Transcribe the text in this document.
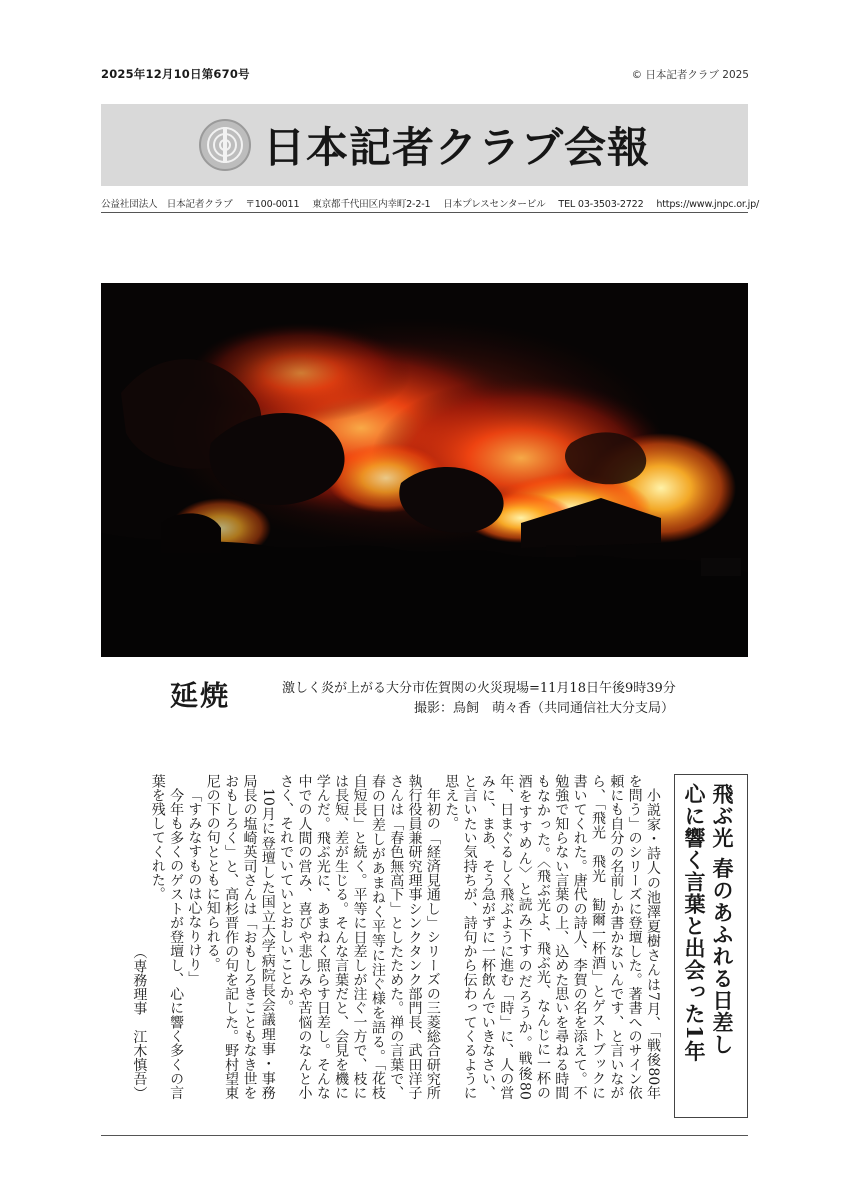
2025年12月10日第670号	© 日本記者クラブ 2025
日本記者クラブ会報
公益社団法人　日本記者クラブ 〒100-0011 東京都千代田区内幸町2-2-1 日本プレスセンタービル TEL 03-3503-2722 https://www.jnpc.or.jp/
延焼	激しく炎が上がる大分市佐賀関の火災現場=11月18日午後9時39分
撮影：鳥飼　萌々香（共同通信社大分支局）
飛ぶ光 春のあふれる日差し
心に響く言葉と出会った1年

小説家・詩人の池澤夏樹さんは7月、「戦後80年を問う」のシリーズに登壇した。著書へのサイン依頼にも自分の名前しか書かないんです、と言いながら、「飛光　飛光　勧爾一杯酒」とゲストブックに書いてくれた。唐代の詩人、李賀の名を添えて。不勉強で知らない言葉の上、込めた思いを尋ねる時間もなかった。〈飛ぶ光よ、飛ぶ光、なんじに一杯の酒をすすめん〉と読み下すのだろうか。戦後80年、日まぐるしく飛ぶように進む「時」に、人の営みに、まあ、そう急がずに一杯飲んでいきなさい、と言いたい気持ちが、詩句から伝わってくるように思えた。

年初の「経済見通し」シリーズの三菱総合研究所執行役員兼研究理事シンクタンク部門長、武田洋子さんは「春色無高下」としたためた。禅の言葉で、春の日差しがあまねく平等に注ぐ様を語る。「花枝自短長」と続く。平等に日差しが注ぐ一方で、枝には長短、差が生じる。そんな言葉だと、会見を機に学んだ。飛ぶ光に、あまねく照らす日差し。そんな中での人間の営み、喜びや悲しみや苦悩のなんと小さく、それでいていとおしいことか。

10月に登壇した国立大学病院長会議理事・事務局長の塩崎英司さんは「おもしろきこともなき世をおもしろく」と、高杉晋作の句を記した。野村望東尼の下の句とともに知られる。

「すみなすものは心なりけり」

今年も多くのゲストが登壇し、心に響く多くの言葉を残してくれた。

（専務理事　江木慎吾）
